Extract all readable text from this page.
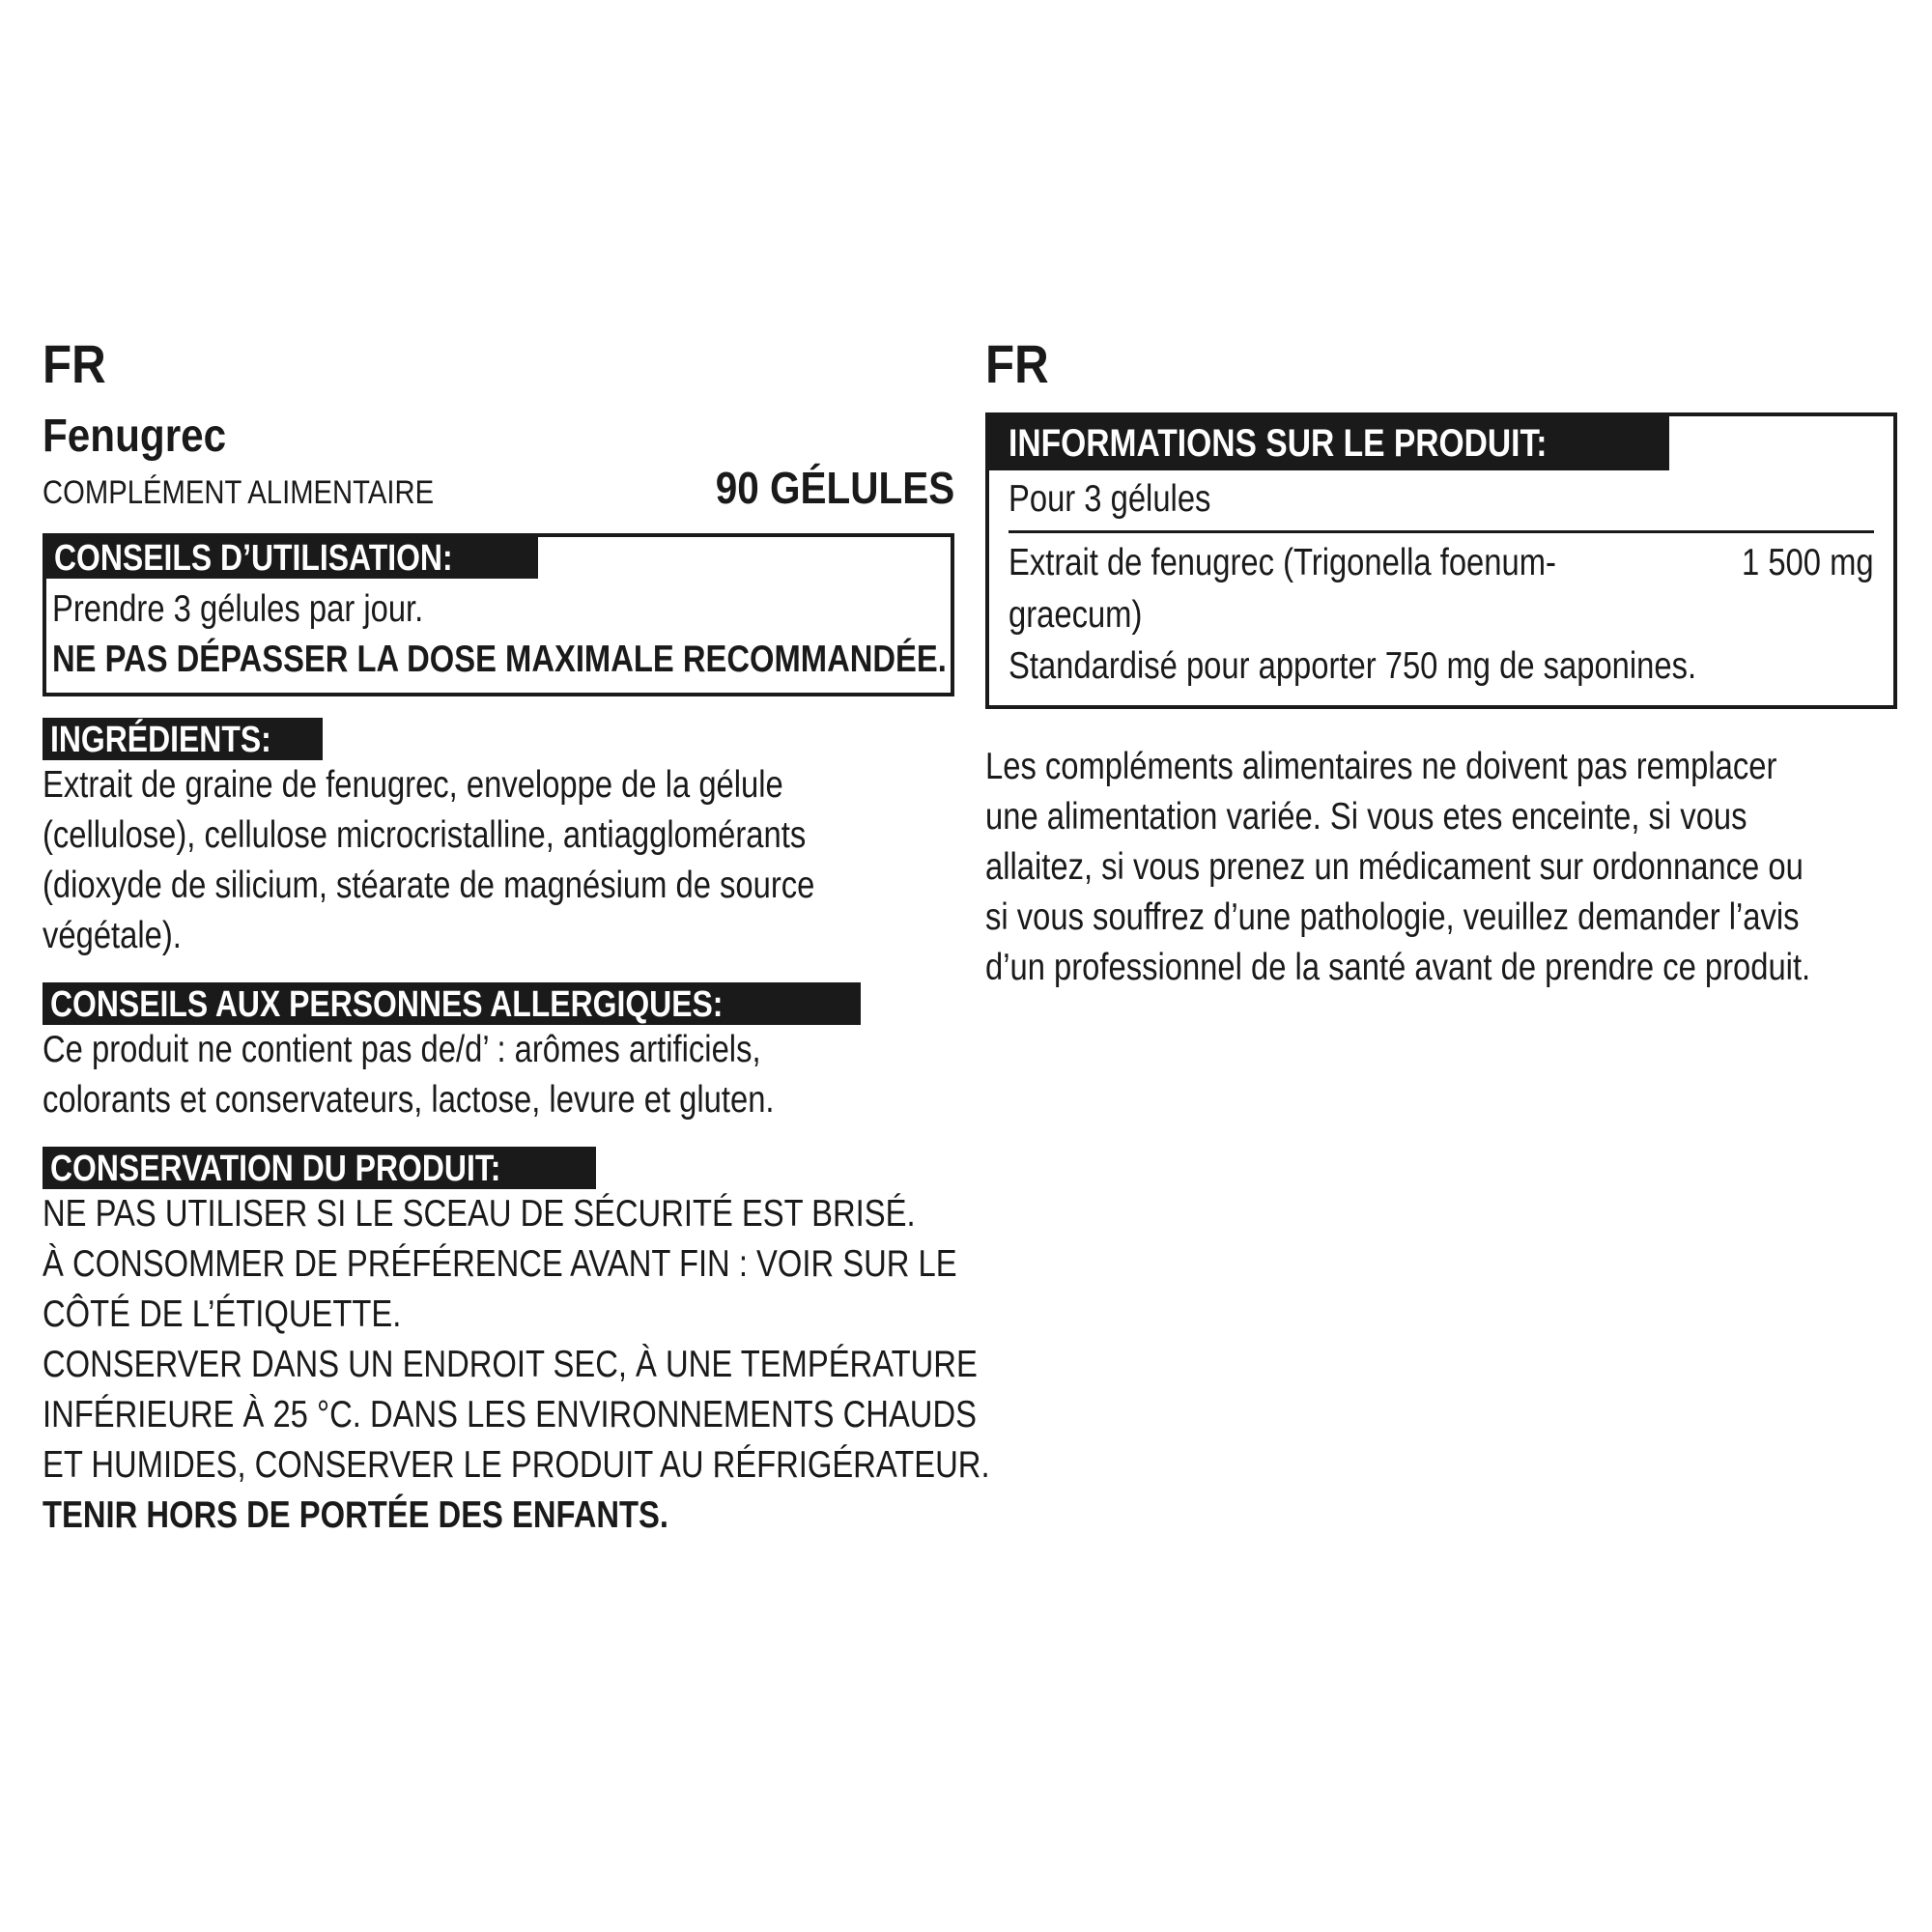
FR
Fenugrec
COMPLÉMENT ALIMENTAIRE	90 GÉLULES
CONSEILS D’UTILISATION:
Prendre 3 gélules par jour.
NE PAS DÉPASSER LA DOSE MAXIMALE RECOMMANDÉE.
INGRÉDIENTS:
Extrait de graine de fenugrec, enveloppe de la gélule
(cellulose), cellulose microcristalline, antiagglomérants
(dioxyde de silicium, stéarate de magnésium de source
végétale).
CONSEILS AUX PERSONNES ALLERGIQUES:
Ce produit ne contient pas de/d’ : arômes artificiels,
colorants et conservateurs, lactose, levure et gluten.
CONSERVATION DU PRODUIT:
NE PAS UTILISER SI LE SCEAU DE SÉCURITÉ EST BRISÉ.
À CONSOMMER DE PRÉFÉRENCE AVANT FIN : VOIR SUR LE
CÔTÉ DE L’ÉTIQUETTE.
CONSERVER DANS UN ENDROIT SEC, À UNE TEMPÉRATURE
INFÉRIEURE À 25 °C. DANS LES ENVIRONNEMENTS CHAUDS
ET HUMIDES, CONSERVER LE PRODUIT AU RÉFRIGÉRATEUR.
TENIR HORS DE PORTÉE DES ENFANTS.
FR
INFORMATIONS SUR LE PRODUIT:
Pour 3 gélules
Extrait de fenugrec (Trigonella foenum-graecum)
1 500 mg
Standardisé pour apporter 750 mg de saponines.

Les compléments alimentaires ne doivent pas remplacer

une alimentation variée. Si vous etes enceinte, si vous

allaitez, si vous prenez un médicament sur ordonnance ou

si vous souffrez d’une pathologie, veuillez demander l’avis

d’un professionnel de la santé avant de prendre ce produit.
